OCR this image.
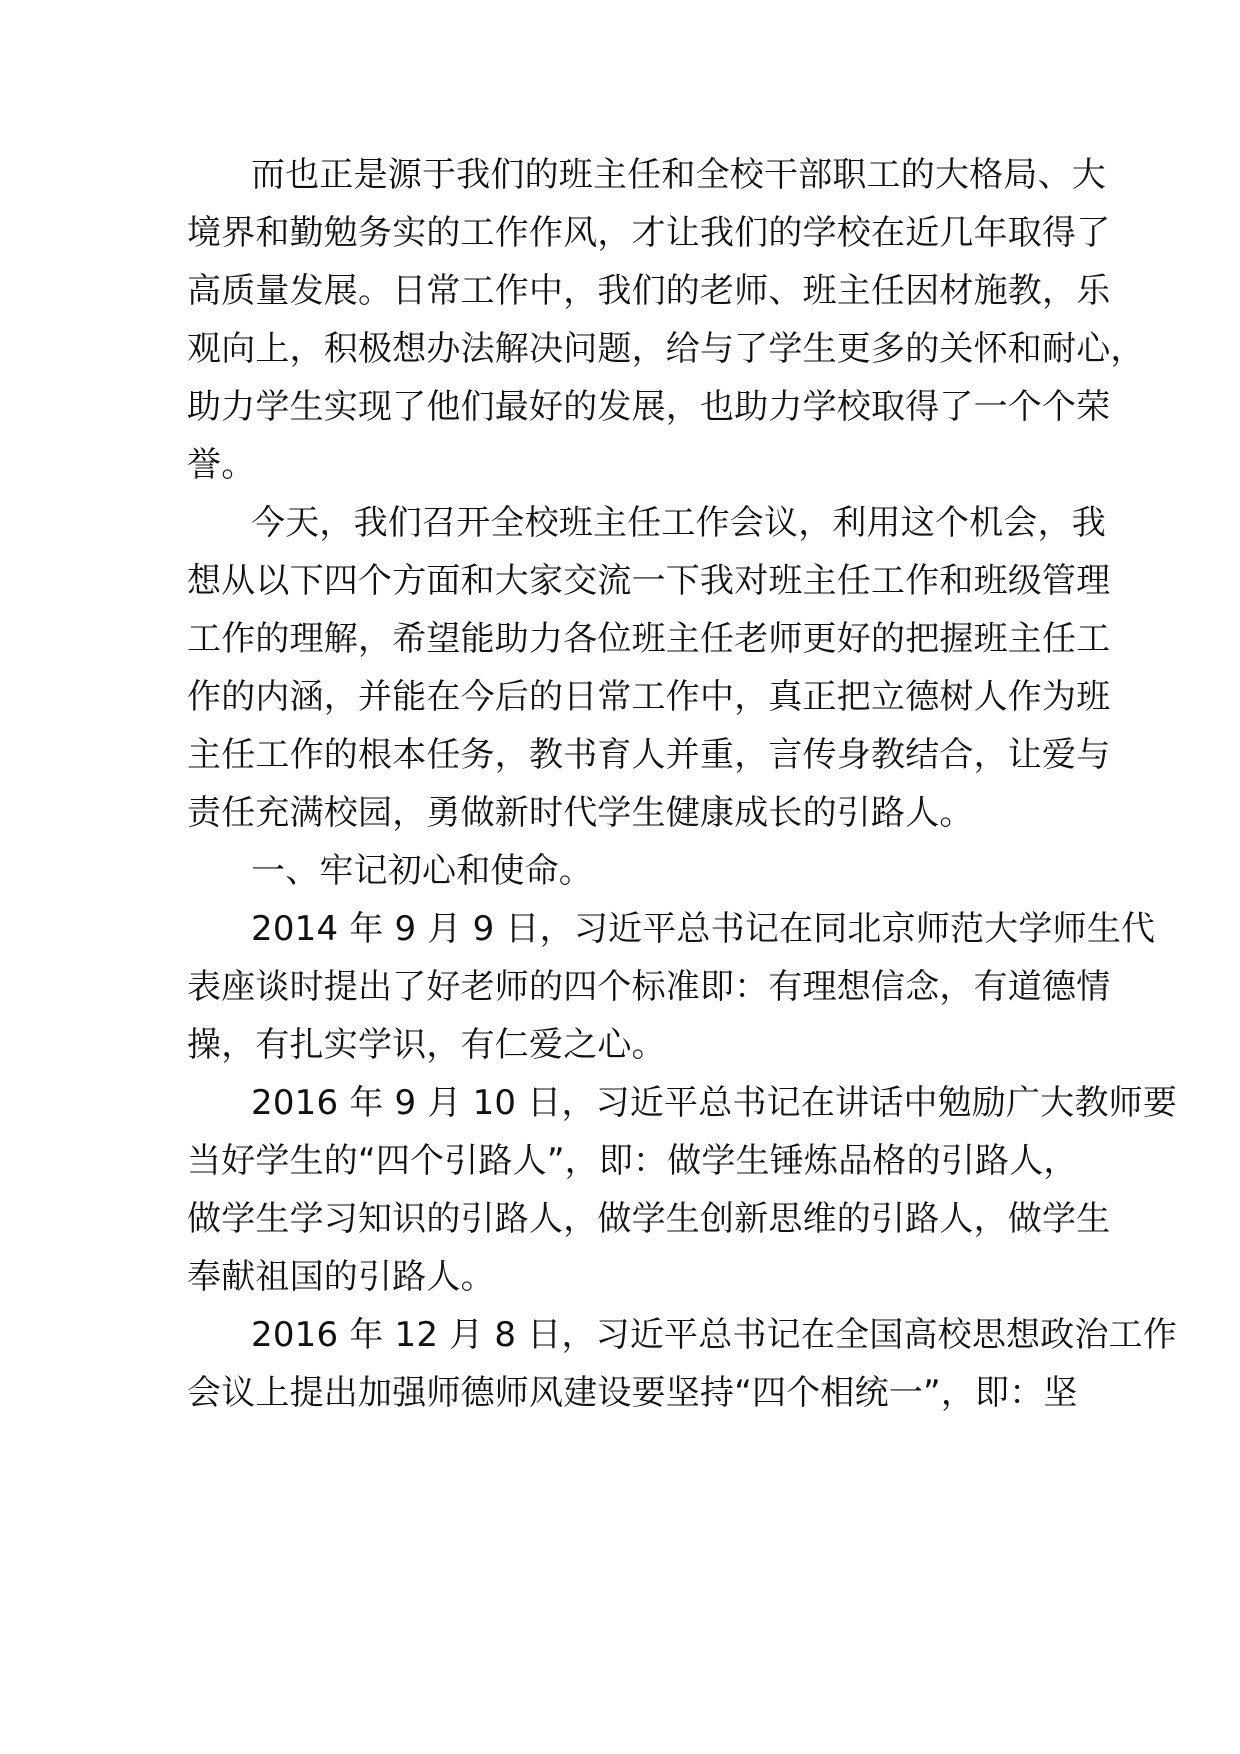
而也正是源于我们的班主任和全校干部职工的大格局、大

境界和勤勉务实的工作作风，才让我们的学校在近几年取得了

高质量发展。日常工作中，我们的老师、班主任因材施教，乐

观向上，积极想办法解决问题，给与了学生更多的关怀和耐心，

助力学生实现了他们最好的发展，也助力学校取得了一个个荣

誉。

今天，我们召开全校班主任工作会议，利用这个机会，我

想从以下四个方面和大家交流一下我对班主任工作和班级管理

工作的理解，希望能助力各位班主任老师更好的把握班主任工

作的内涵，并能在今后的日常工作中，真正把立德树人作为班

主任工作的根本任务，教书育人并重，言传身教结合，让爱与

责任充满校园，勇做新时代学生健康成长的引路人。

一、牢记初心和使命。

2014 年 9 月 9 日，习近平总书记在同北京师范大学师生代

表座谈时提出了好老师的四个标准即：有理想信念，有道德情

操，有扎实学识，有仁爱之心。

2016 年 9 月 10 日，习近平总书记在讲话中勉励广大教师要

当好学生的“四个引路人”，即：做学生锤炼品格的引路人，

做学生学习知识的引路人，做学生创新思维的引路人，做学生

奉献祖国的引路人。

2016 年 12 月 8 日，习近平总书记在全国高校思想政治工作

会议上提出加强师德师风建设要坚持“四个相统一”，即：坚
